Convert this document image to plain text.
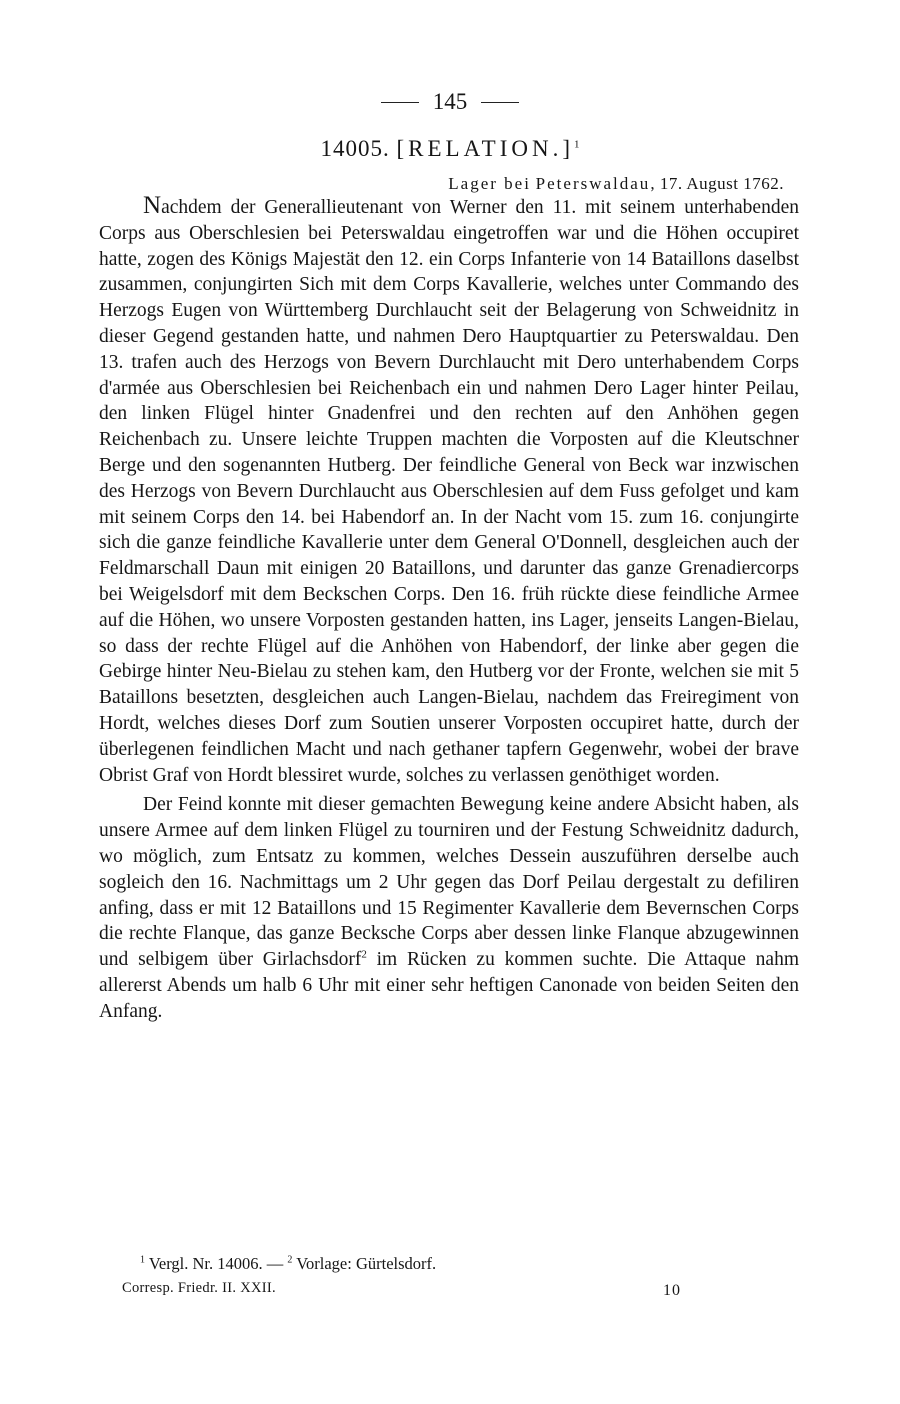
145
14005. [RELATION.]$^1$
Lager bei Peterswaldau, 17. August 1762.

Nachdem der Generallieutenant von Werner den 11. mit seinem unterhabenden Corps aus Oberschlesien bei Peterswaldau eingetroffen war und die Höhen occupiret hatte, zogen des Königs Majestät den 12. ein Corps Infanterie von 14 Bataillons daselbst zusammen, conjungirten Sich mit dem Corps Kavallerie, welches unter Commando des Herzogs Eugen von Württemberg Durchlaucht seit der Belagerung von Schweidnitz in dieser Gegend gestanden hatte, und nahmen Dero Hauptquartier zu Peterswaldau. Den 13. trafen auch des Herzogs von Bevern Durchlaucht mit Dero unterhabendem Corps d'armée aus Oberschlesien bei Reichenbach ein und nahmen Dero Lager hinter Peilau, den linken Flügel hinter Gnadenfrei und den rechten auf den Anhöhen gegen Reichenbach zu. Unsere leichte Truppen machten die Vorposten auf die Kleutschner Berge und den sogenannten Hutberg. Der feindliche General von Beck war inzwischen des Herzogs von Bevern Durchlaucht aus Oberschlesien auf dem Fuss gefolget und kam mit seinem Corps den 14. bei Habendorf an. In der Nacht vom 15. zum 16. conjungirte sich die ganze feindliche Kavallerie unter dem General O'Donnell, desgleichen auch der Feldmarschall Daun mit einigen 20 Bataillons, und darunter das ganze Grenadiercorps bei Weigelsdorf mit dem Beckschen Corps. Den 16. früh rückte diese feindliche Armee auf die Höhen, wo unsere Vorposten gestanden hatten, ins Lager, jenseits Langen-Bielau, so dass der rechte Flügel auf die Anhöhen von Habendorf, der linke aber gegen die Gebirge hinter Neu-Bielau zu stehen kam, den Hutberg vor der Fronte, welchen sie mit 5 Bataillons besetzten, desgleichen auch Langen-Bielau, nachdem das Freiregiment von Hordt, welches dieses Dorf zum Soutien unserer Vorposten occupiret hatte, durch der überlegenen feindlichen Macht und nach gethaner tapfern Gegenwehr, wobei der brave Obrist Graf von Hordt blessiret wurde, solches zu verlassen genöthiget worden.

Der Feind konnte mit dieser gemachten Bewegung keine andere Absicht haben, als unsere Armee auf dem linken Flügel zu tourniren und der Festung Schweidnitz dadurch, wo möglich, zum Entsatz zu kommen, welches Dessein auszuführen derselbe auch sogleich den 16. Nachmittags um 2 Uhr gegen das Dorf Peilau dergestalt zu defiliren anfing, dass er mit 12 Bataillons und 15 Regimenter Kavallerie dem Bevernschen Corps die rechte Flanque, das ganze Becksche Corps aber dessen linke Flanque abzugewinnen und selbigem über Girlachsdorf$^2$ im Rücken zu kommen suchte. Die Attaque nahm allererst Abends um halb 6 Uhr mit einer sehr heftigen Canonade von beiden Seiten den Anfang.

$^1$ Vergl. Nr. 14006. — $^2$ Vorlage: Gürtelsdorf.
Corresp. Friedr. II. XXII.	10
